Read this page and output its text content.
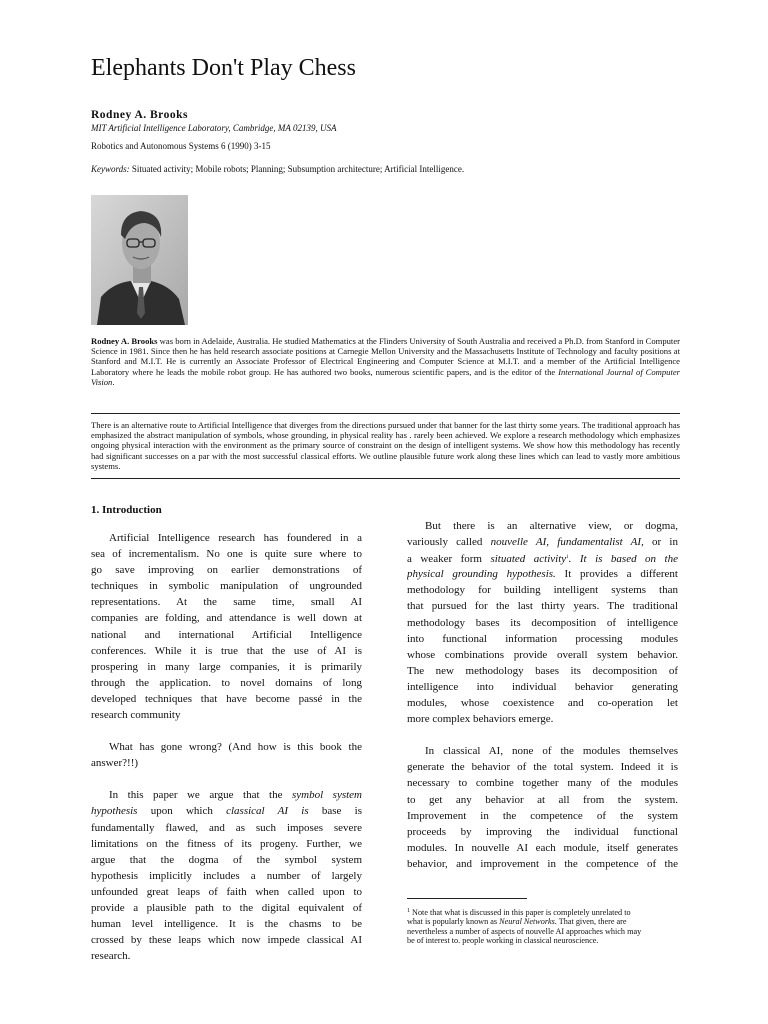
Elephants Don't Play Chess
Rodney A. Brooks
MIT Artificial Intelligence Laboratory, Cambridge, MA 02139, USA
Robotics and Autonomous Systems 6 (1990) 3-15
Keywords: Situated activity; Mobile robots; Planning; Subsumption architecture; Artificial Intelligence.
Rodney A. Brooks was born in Adelaide, Australia. He studied Mathematics at the Flinders University of South Australia and received a Ph.D. from Stanford in Computer Science in 1981. Since then he has held research associate positions at Carnegie Mellon University and the Massachusetts Institute of Technology and faculty positions at Stanford and M.I.T. He is currently an Associate Professor of Electrical Engineering and Computer Science at M.I.T. and a member of the Artificial Intelligence Laboratory where he leads the mobile robot group. He has authored two books, numerous scientific papers, and is the editor of the International Journal of Computer Vision.
There is an alternative route to Artificial Intelligence that diverges from the directions pursued under that banner for the last thirty some years. The traditional approach has emphasized the abstract manipulation of symbols, whose grounding, in physical reality has . rarely been achieved. We explore a research methodology which emphasizes ongoing physical interaction with the environment as the primary source of constraint on the design of intelligent systems. We show how this methodology has recently had significant successes on a par with the most successful classical efforts. We outline plausible future work along these lines which can lead to vastly more ambitious systems.
1. Introduction
Artificial Intelligence research has foundered in a
sea of incrementalism. No one is quite sure where to
go save improving on earlier demonstrations of
techniques in symbolic manipulation of ungrounded
representations. At the same time, small AI
companies are folding, and attendance is well down at
national and international Artificial Intelligence
conferences. While it is true that the use of AI is
prospering in many large companies, it is primarily
through the application. to novel domains of long
developed techniques that have become passé in the
research community
What has gone wrong? (And how is this book the
answer?!!)
In this paper we argue that the symbol system
hypothesis upon which classical AI is base is
fundamentally flawed, and as such imposes severe
limitations on the fitness of its progeny. Further, we
argue that the dogma of the symbol system
hypothesis implicitly includes a number of largely
unfounded great leaps of faith when called upon to
provide a plausible path to the digital equivalent of
human level intelligence. It is the chasms to be
crossed by these leaps which now impede classical AI
research.
But there is an alternative view, or dogma,
variously called nouvelle AI, fundamentalist AI, or in
a weaker form situated activity$^1$. It is based on the
physical grounding hypothesis. It provides a different
methodology for building intelligent systems than
that pursued for the last thirty years. The traditional
methodology bases its decomposition of intelligence
into functional information processing modules
whose combinations provide overall system behavior.
The new methodology bases its decomposition of
intelligence into individual behavior generating
modules, whose coexistence and co-operation let
more complex behaviors emerge.
In classical AI, none of the modules themselves
generate the behavior of the total system. Indeed it is
necessary to combine together many of the modules
to get any behavior at all from the system.
Improvement in the competence of the system
proceeds by improving the individual functional
modules. In nouvelle AI each module, itself generates
behavior, and improvement in the competence of the
$^1$ Note that what is discussed in this paper is completely unrelated to what is popularly known as Neural Networks. That given, there are nevertheless a number of aspects of nouvelle AI approaches which may be of interest to. people working in classical neuroscience.
